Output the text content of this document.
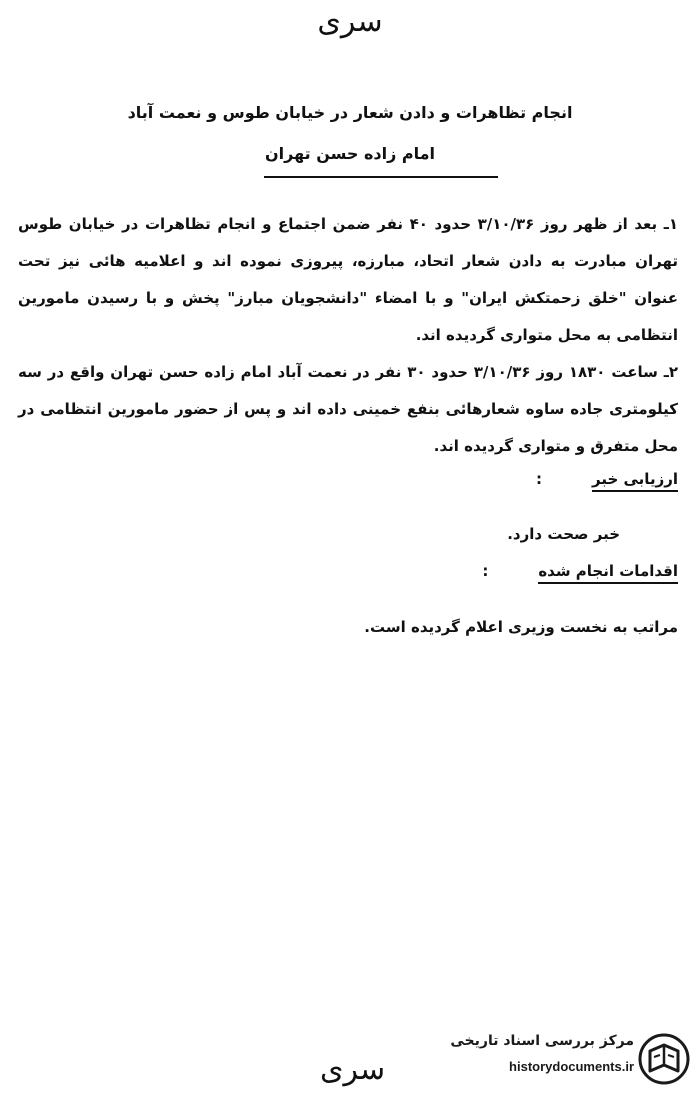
سری
انجام تظاهرات و دادن شعار در خیابان طوس و نعمت آباد
امام زاده حسن تهران

۱ـ بعد از ظهر روز ۳/۱۰/۳۶ حدود ۴۰ نفر ضمن اجتماع و انجام تظاهرات در خیابان طوس تهران مبادرت به دادن شعار اتحاد، مبارزه، پیروزی نموده اند و اعلامیه هائی نیز تحت عنوان "خلق زحمتکش ایران" و با امضاء "دانشجویان مبارز" پخش و با رسیدن مامورین انتظامی به محل متواری گردیده اند.

۲ـ ساعت ۱۸۳۰ روز ۳/۱۰/۳۶ حدود ۳۰ نفر در نعمت آباد امام زاده حسن تهران واقع در سه کیلومتری جاده ساوه شعارهائی بنفع خمینی داده اند و پس از حضور مامورین انتظامی در محل متفرق و متواری گردیده اند.

ارزیابی خبر:
خبر صحت دارد.
اقدامات انجام شده:
مراتب به نخست وزیری اعلام گردیده است.
سری
مرکز بررسی اسناد تاریخی
historydocuments.ir
